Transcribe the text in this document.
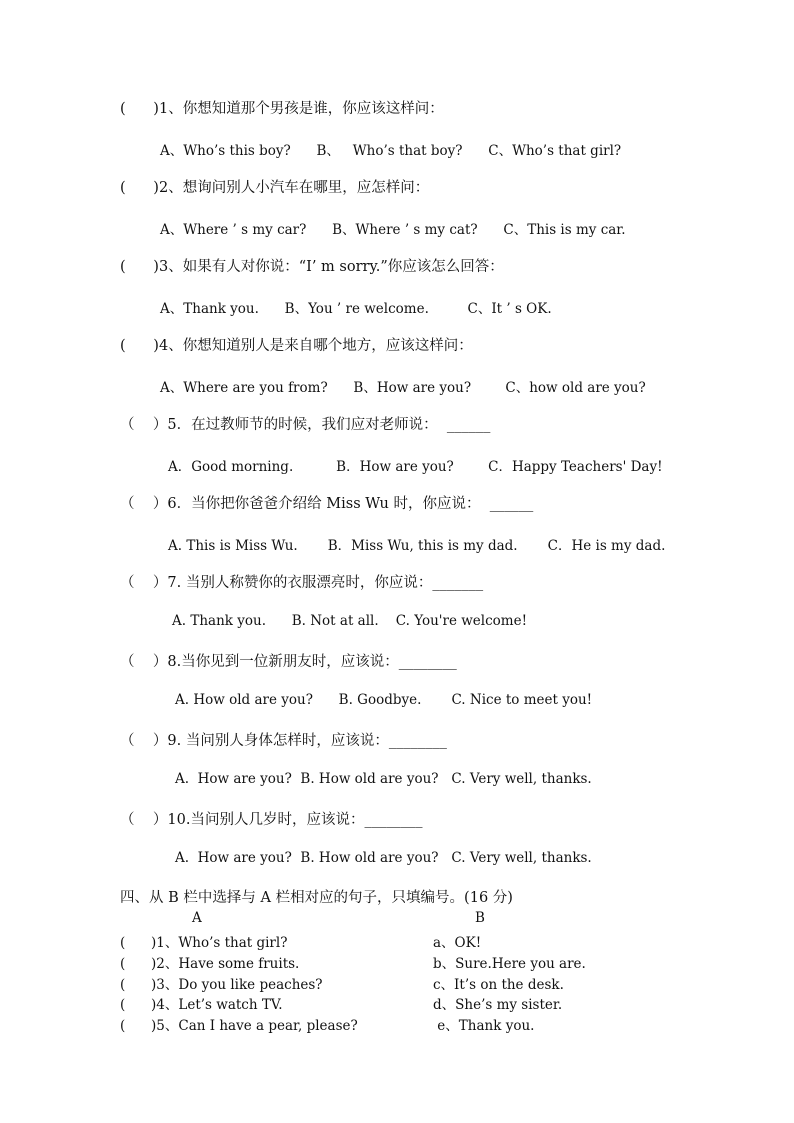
(      )1、你想知道那个男孩是谁，你应该这样问：
A、Who’s this boy?      B、   Who’s that boy?      C、Who’s that girl?
(      )2、想询问别人小汽车在哪里，应怎样问：
A、Where ’ s my car?      B、Where ’ s my cat?      C、This is my car.
(      )3、如果有人对你说：“I’ m sorry.”你应该怎么回答：
A、Thank you.      B、You ’ re welcome.         C、It ’ s OK.
(      )4、你想知道别人是来自哪个地方，应该这样问：
A、Where are you from?      B、How are you?        C、how old are you?
（    ）5．在过教师节的时候，我们应对老师说：  ______
A．Good morning.          B．How are you?        C．Happy Teachers' Day!
（    ）6．当你把你爸爸介绍给 Miss Wu 时，你应说：  ______
A. This is Miss Wu.       B．Miss Wu, this is my dad.       C．He is my dad.
（    ）7. 当别人称赞你的衣服漂亮时，你应说：_______
A. Thank you.      B. Not at all.    C. You're welcome!
（    ）8.当你见到一位新朋友时，应该说：________
A. How old are you?      B. Goodbye.       C. Nice to meet you!
（    ）9. 当问别人身体怎样时，应该说：________
A.  How are you?  B. How old are you?   C. Very well, thanks.
（    ）10.当问别人几岁时，应该说：________
A.  How are you?  B. How old are you?   C. Very well, thanks.
四、从 B 栏中选择与 A 栏相对应的句子，只填编号。(16 分)
A	B
(      )1、Who’s that girl?	a、OK!
(      )2、Have some fruits.	b、Sure.Here you are.
(      )3、Do you like peaches?	c、It’s on the desk.
(      )4、Let’s watch TV.	d、She’s my sister.
(      )5、Can I have a pear, please?	e、Thank you.
